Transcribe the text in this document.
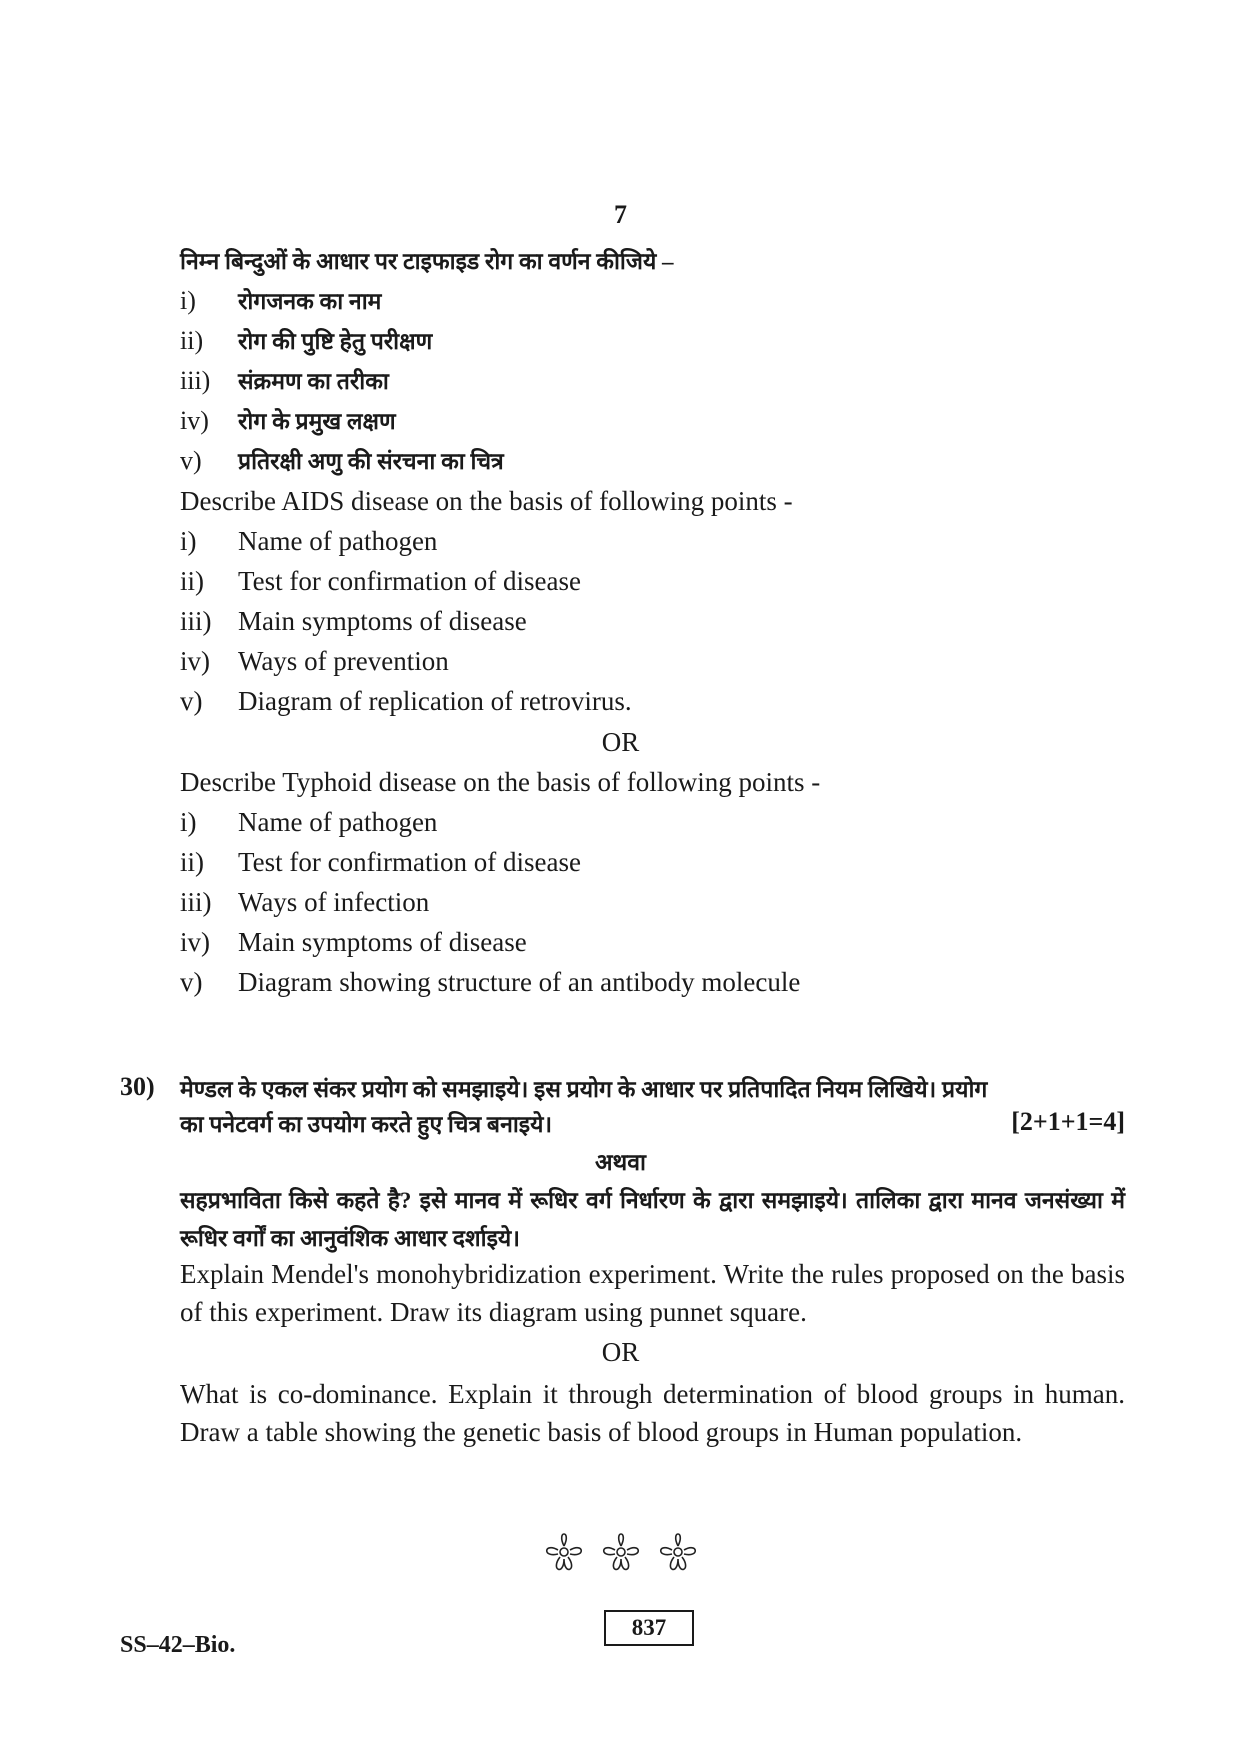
7
निम्न बिन्दुओं के आधार पर टाइफाइड रोग का वर्णन कीजिये –
i) रोगजनक का नाम
ii) रोग की पुष्टि हेतु परीक्षण
iii) संक्रमण का तरीका
iv) रोग के प्रमुख लक्षण
v) प्रतिरक्षी अणु की संरचना का चित्र
Describe AIDS disease on the basis of following points -
i) Name of pathogen
ii) Test for confirmation of disease
iii) Main symptoms of disease
iv) Ways of prevention
v) Diagram of replication of retrovirus.
OR
Describe Typhoid disease on the basis of following points -
i) Name of pathogen
ii) Test for confirmation of disease
iii) Ways of infection
iv) Main symptoms of disease
v) Diagram showing structure of an antibody molecule
30) मेण्डल के एकल संकर प्रयोग को समझाइये। इस प्रयोग के आधार पर प्रतिपादित नियम लिखिये। प्रयोग
का पनेटवर्ग का उपयोग करते हुए चित्र बनाइये।	[2+1+1=4]
अथवा
सहप्रभाविता किसे कहते है? इसे मानव में रूधिर वर्ग निर्धारण के द्वारा समझाइये। तालिका द्वारा मानव जनसंख्या में रूधिर वर्गों का आनुवंशिक आधार दर्शाइये।
Explain Mendel's monohybridization experiment. Write the rules proposed on the basis of this experiment. Draw its diagram using punnet square.
OR
What is co-dominance. Explain it through determination of blood groups in human. Draw a table showing the genetic basis of blood groups in Human population.
SS–42–Bio.
837
